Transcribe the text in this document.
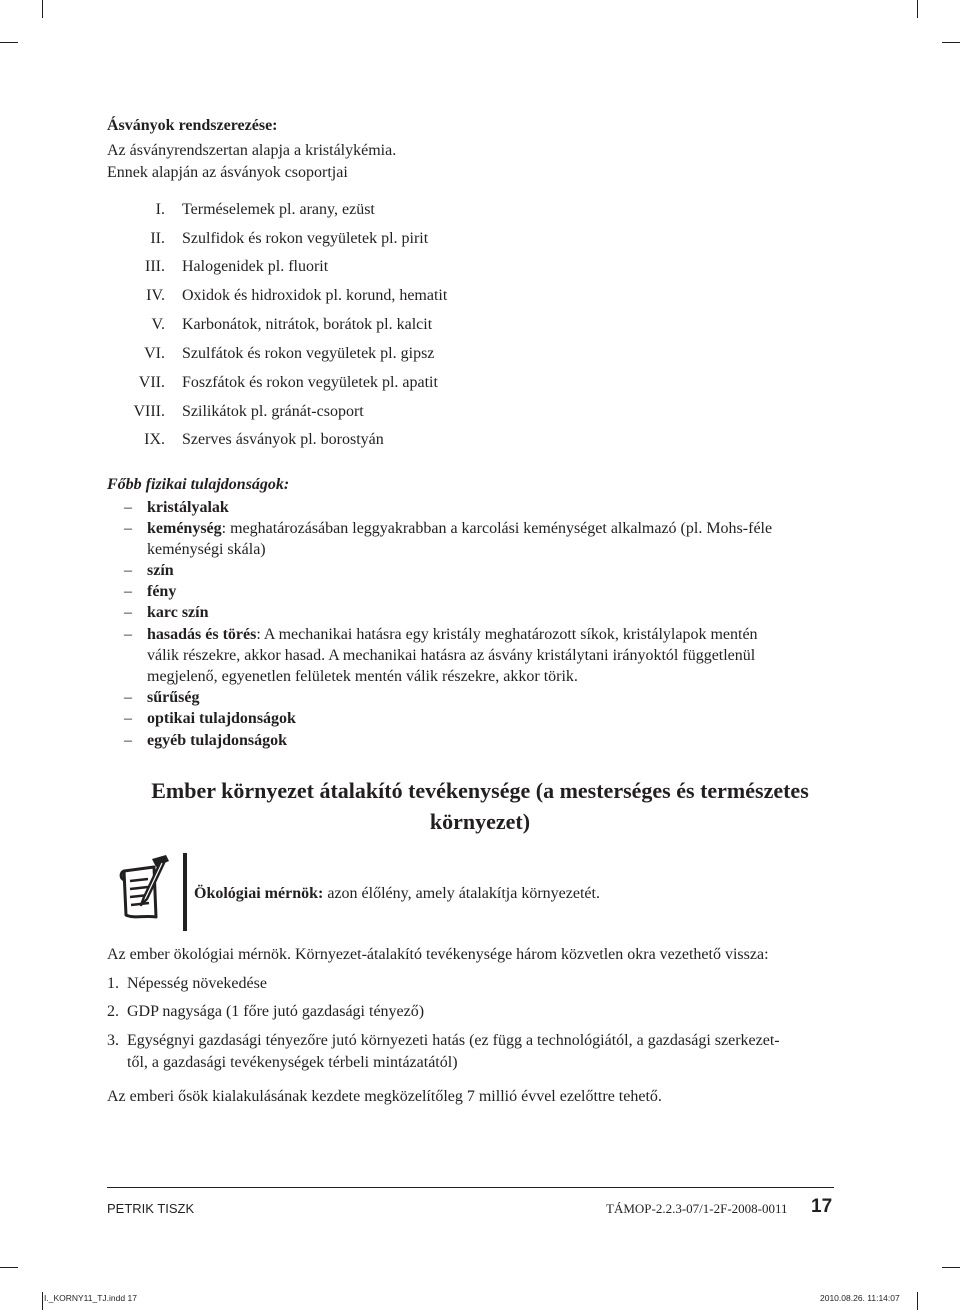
Ásványok rendszerezése:
Az ásványrendszertan alapja a kristálykémia.
Ennek alapján az ásványok csoportjai
I. Terméselemek pl. arany, ezüst
II. Szulfidok és rokon vegyületek pl. pirit
III. Halogenidek pl. fluorit
IV. Oxidok és hidroxidok pl. korund, hematit
V. Karbonátok, nitrátok, borátok pl. kalcit
VI. Szulfátok és rokon vegyületek pl. gipsz
VII. Foszfátok és rokon vegyületek pl. apatit
VIII. Szilikátok pl. gránát-csoport
IX. Szerves ásványok pl. borostyán
Főbb fizikai tulajdonságok:
– kristályalak
– keménység: meghatározásában leggyakrabban a karcolási keménységet alkalmazó (pl. Mohs-féle
keménységi skála)
– szín
– fény
– karc szín
– hasadás és törés: A mechanikai hatásra egy kristály meghatározott síkok, kristálylapok mentén
válik részekre, akkor hasad. A mechanikai hatásra az ásvány kristálytani irányoktól függetlenül
megjelenő, egyenetlen felületek mentén válik részekre, akkor törik.
– sűrűség
– optikai tulajdonságok
– egyéb tulajdonságok
Ember környezet átalakító tevékenysége (a mesterséges és természetes
környezet)
Ökológiai mérnök: azon élőlény, amely átalakítja környezetét.
Az ember ökológiai mérnök. Környezet-átalakító tevékenysége három közvetlen okra vezethető vissza:
1. Népesség növekedése
2. GDP nagysága (1 főre jutó gazdasági tényező)
3. Egységnyi gazdasági tényezőre jutó környezeti hatás (ez függ a technológiától, a gazdasági szerkezet-
től, a gazdasági tevékenységek térbeli mintázatától)
Az emberi ősök kialakulásának kezdete megközelítőleg 7 millió évvel ezelőttre tehető.
PETRIK TISZK	TÁMOP-2.2.3-07/1-2F-2008-0011 17
I._KORNY11_TJ.indd 17	2010.08.26. 11:14:07
